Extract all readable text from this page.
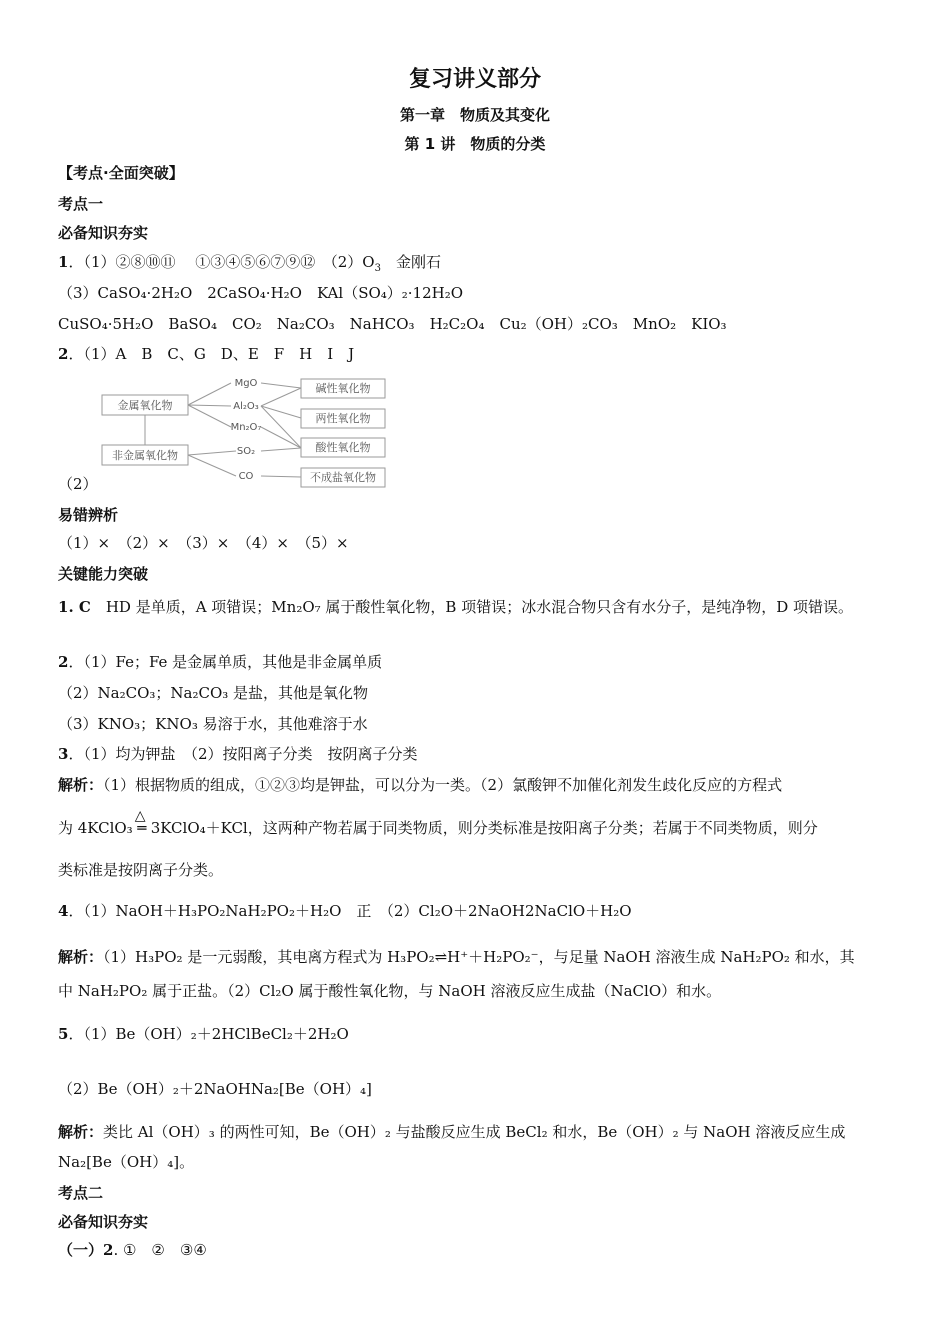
复习讲义部分
第一章　物质及其变化
第 1 讲　物质的分类
【考点·全面突破】
考点一
必备知识夯实
1．（1）②⑧⑩⑪　 ①③④⑤⑥⑦⑨⑫　$(2)O_3$　金刚石
（3）CaSO₄·2H₂O　2CaSO₄·H₂O　KAl（SO₄）₂·12H₂O
CuSO₄·5H₂O　BaSO₄　CO₂　Na₂CO₃　NaHCO₃　H₂C₂O₄　Cu₂（OH）₂CO₃　MnO₂　KIO₃
2．（1）A　B　C、G　D、E　F　H　I　J
金属氧化物
非金属氧化物
MgO
Al₂O₃
Mn₂O₇
SO₂
CO
碱性氧化物
两性氧化物
酸性氧化物
不成盐氧化物
（2）
易错辨析
（1）×　（2）×　（3）×　（4）×　（5）×
关键能力突破
1. C　HD 是单质，A 项错误；Mn₂O₇ 属于酸性氧化物，B 项错误；冰水混合物只含有水分子，是纯净物，D 项错误。
2．（1）Fe；Fe 是金属单质，其他是非金属单质
（2）Na₂CO₃；Na₂CO₃ 是盐，其他是氧化物
（3）KNO₃；KNO₃ 易溶于水，其他难溶于水
3．（1）均为钾盐　（2）按阳离子分类　按阴离子分类
解析：（1）根据物质的组成，①②③均是钾盐，可以分为一类。（2）氯酸钾不加催化剂发生歧化反应的方程式
为 4KClO₃
△
═ 3KClO₄＋KCl，这两种产物若属于同类物质，则分类标准是按阳离子分类；若属于不同类物质，则分
类标准是按阴离子分类。
4．（1）NaOH＋H₃PO₂NaH₂PO₂＋H₂O　正　（2）Cl₂O＋2NaOH2NaClO＋H₂O
解析：（1）H₃PO₂ 是一元弱酸，其电离方程式为 H₃PO₂⇌H⁺＋H₂PO₂⁻，与足量 NaOH 溶液生成 NaH₂PO₂ 和水，其
中 NaH₂PO₂ 属于正盐。（2）Cl₂O 属于酸性氧化物，与 NaOH 溶液反应生成盐（NaClO）和水。
5．（1）Be（OH）₂＋2HClBeCl₂＋2H₂O
（2）Be（OH）₂＋2NaOHNa₂[Be（OH）₄]
解析：类比 Al（OH）₃ 的两性可知，Be（OH）₂ 与盐酸反应生成 BeCl₂ 和水，Be（OH）₂ 与 NaOH 溶液反应生成
Na₂[Be（OH）₄]。
考点二
必备知识夯实
（一）2. ①　②　③④
